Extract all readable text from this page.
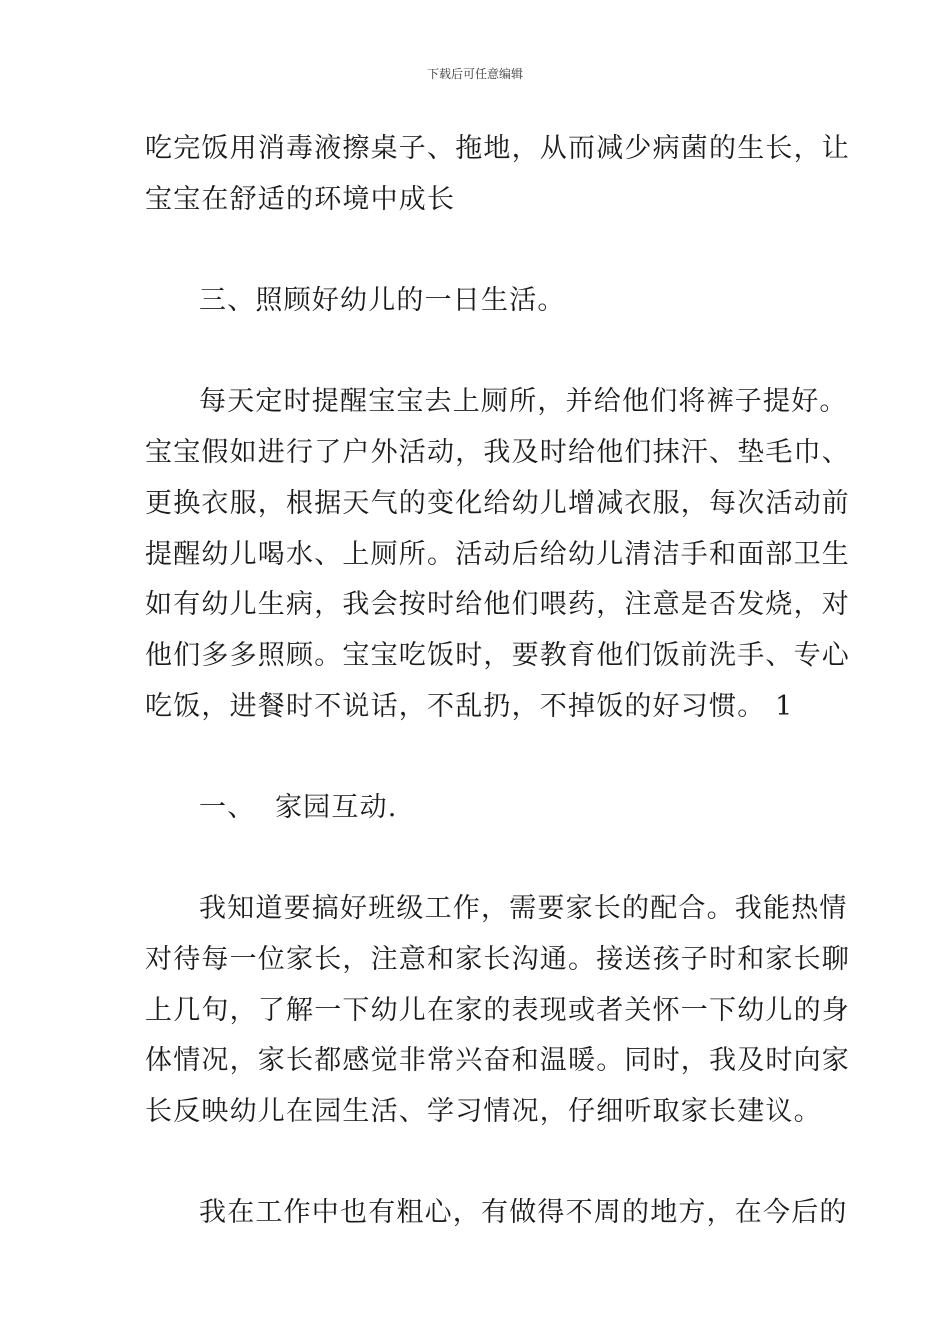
下载后可任意编辑
吃完饭用消毒液擦桌子、拖地，从而减少病菌的生长，让
宝宝在舒适的环境中成长
三、照顾好幼儿的一日生活。
每天定时提醒宝宝去上厕所，并给他们将裤子提好。
宝宝假如进行了户外活动，我及时给他们抹汗、垫毛巾、
更换衣服，根据天气的变化给幼儿增减衣服，每次活动前
提醒幼儿喝水、上厕所。活动后给幼儿清洁手和面部卫生
如有幼儿生病，我会按时给他们喂药，注意是否发烧，对
他们多多照顾。宝宝吃饭时，要教育他们饭前洗手、专心
吃饭，进餐时不说话，不乱扔，不掉饭的好习惯。 1
一、  家园互动.
我知道要搞好班级工作，需要家长的配合。我能热情
对待每一位家长，注意和家长沟通。接送孩子时和家长聊
上几句，了解一下幼儿在家的表现或者关怀一下幼儿的身
体情况，家长都感觉非常兴奋和温暖。同时，我及时向家
长反映幼儿在园生活、学习情况，仔细听取家长建议。
我在工作中也有粗心，有做得不周的地方，在今后的
